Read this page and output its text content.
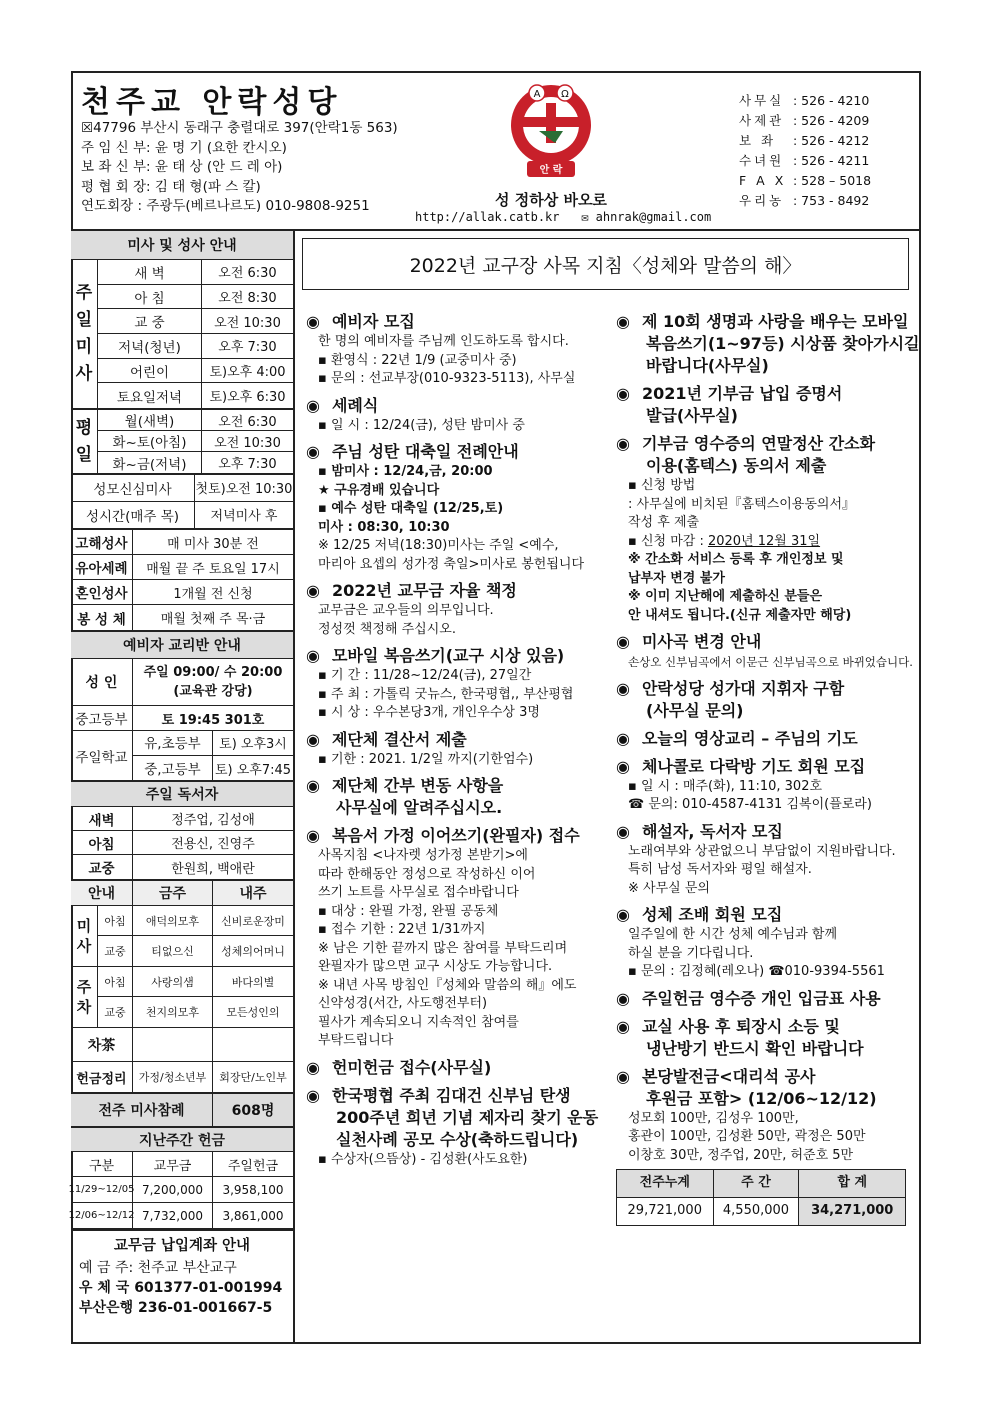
천주교 안락성당
☒47796 부산시 동래구 충렬대로 397(안락1동 563)
주 임 신 부: 윤 명 기 (요한 칸시오)
보 좌 신 부: 윤 태 상 (안 드 레 아)
평 협 회 장: 김 태 형(파 스 칼)
연도회장 : 주광두(베르나르도) 010-9808-9251
A Ω
안 락
성 정하상 바오로
http://allak.catb.kr ✉ ahnrak@gmail.com
사무실 : 526 - 4210
사제관 : 526 - 4209
보 좌 : 526 - 4212
수녀원 : 526 - 4211
F A X : 528 – 5018
우리농 : 753 - 8492
미사 및 성사 안내
주
일
미
사
새 벽	오전 6:30
아 침	오전 8:30
교 중	오전 10:30
저녁(청년)	오후 7:30
어린이	토)오후 4:00
토요일저녁	토)오후 6:30
평
일
월(새벽)	오전 6:30
화~토(아침)	오전 10:30
화~금(저녁)	오후 7:30
성모신심미사	첫토)오전 10:30
성시간(매주 목)	저녁미사 후
고해성사	매 미사 30분 전
유아세례	매월 끝 주 토요일 17시
혼인성사	1개월 전 신청
봉 성 체	매월 첫째 주 목·금
예비자 교리반 안내
성 인
주일 09:00/ 수 20:00
(교육관 강당)
중고등부	토 19:45 301호
주일학교
유,초등부	토) 오후3시
중,고등부	토) 오후7:45
주일 독서자
새벽	정주업, 김성애
아침	전용신, 진영주
교중	한원희, 백애란
안내	금주	내주
미
사
아침	애덕의모후	신비로운장미
교중	티없으신	성체의어머니
주
차
아침	사랑의샘	바다의별
교중	천지의모후	모든성인의
차茶
헌금정리	가정/청소년부	회장단/노인부
전주 미사참례	608명
지난주간 헌금
구분	교무금	주일헌금
11/29~12/05 7,200,000	3,958,100
12/06~12/12 7,732,000	3,861,000
교무금 납입계좌 안내
예 금 주: 천주교 부산교구
우 체 국 601377-01-001994
부산은행 236-01-001667-5
2022년 교구장 사목 지침〈성체와 말씀의 해〉
◉ 예비자 모집
한 명의 예비자를 주님께 인도하도록 합시다.
▪ 환영식 : 22년 1/9 (교중미사 중)
▪ 문의 : 선교부장(010-9323-5113), 사무실
◉ 세례식
▪ 일 시 : 12/24(금), 성탄 밤미사 중
◉ 주님 성탄 대축일 전례안내
▪ 밤미사 : 12/24,금, 20:00
★ 구유경배 있습니다
▪ 예수 성탄 대축일 (12/25,토)
미사 : 08:30, 10:30
※ 12/25 저녁(18:30)미사는 주일 <예수,
마리아 요셉의 성가정 축일>미사로 봉헌됩니다
◉ 2022년 교무금 자율 책정
교무금은 교우들의 의무입니다.
정성껏 책정해 주십시오.
◉ 모바일 복음쓰기(교구 시상 있음)
▪ 기 간 : 11/28~12/24(금), 27일간
▪ 주 최 : 가톨릭 굿뉴스, 한국평협,, 부산평협
▪ 시 상 : 우수본당3개, 개인우수상 3명
◉ 제단체 결산서 제출
▪ 기한 : 2021. 1/2일 까지(기한엄수)
◉ 제단체 간부 변동 사항을
사무실에 알려주십시오.
◉ 복음서 가정 이어쓰기(완필자) 접수
사목지침 <나자렛 성가정 본받기>에
따라 한해동안 정성으로 작성하신 이어
쓰기 노트를 사무실로 접수바랍니다
▪ 대상 : 완필 가정, 완필 공동체
▪ 접수 기한 : 22년 1/31까지
※ 남은 기한 끝까지 많은 참여를 부탁드리며
완필자가 많으면 교구 시상도 가능합니다.
※ 내년 사목 방침인『성체와 말씀의 해』에도
신약성경(서간, 사도행전부터)
필사가 계속되오니 지속적인 참여를
부탁드립니다
◉ 헌미헌금 접수(사무실)
◉ 한국평협 주최 김대건 신부님 탄생
200주년 희년 기념 제자리 찾기 운동
실천사례 공모 수상(축하드립니다)
▪ 수상자(으뜸상) - 김성환(사도요한)
◉ 제 10회 생명과 사랑을 배우는 모바일
복음쓰기(1~97등) 시상품 찾아가시길
바랍니다(사무실)
◉ 2021년 기부금 납입 증명서
발급(사무실)
◉ 기부금 영수증의 연말정산 간소화
이용(홈텍스) 동의서 제출
▪ 신청 방법
: 사무실에 비치된『홈텍스이용동의서』
작성 후 제출
▪ 신청 마감 : 2020년 12월 31일
※ 간소화 서비스 등록 후 개인정보 및
납부자 변경 불가
※ 이미 지난해에 제출하신 분들은
안 내셔도 됩니다.(신규 제출자만 해당)
◉ 미사곡 변경 안내
손상오 신부님곡에서 이문근 신부님곡으로 바뀌었습니다.
◉ 안락성당 성가대 지휘자 구함
(사무실 문의)
◉ 오늘의 영상교리 – 주님의 기도
◉ 체나콜로 다락방 기도 회원 모집
▪ 일 시 : 매주(화), 11:10, 302호
☎ 문의: 010-4587-4131 김복이(플로라)
◉ 해설자, 독서자 모집
노래여부와 상관없으니 부담없이 지원바랍니다.
특히 남성 독서자와 평일 해설자.
※ 사무실 문의
◉ 성체 조배 회원 모집
일주일에 한 시간 성체 예수님과 함께
하실 분을 기다립니다.
▪ 문의 : 김정혜(레오나) ☎010-9394-5561
◉ 주일헌금 영수증 개인 입금표 사용
◉ 교실 사용 후 퇴장시 소등 및
냉난방기 반드시 확인 바랍니다
◉ 본당발전금<대리석 공사
후원금 포함> (12/06~12/12)
성모회 100만, 김성우 100만,
홍관이 100만, 김성환 50만, 곽정은 50만
이창호 30만, 정주업, 20만, 허준호 5만
전주누계	주 간	합 계
29,721,000	4,550,000	34,271,000
